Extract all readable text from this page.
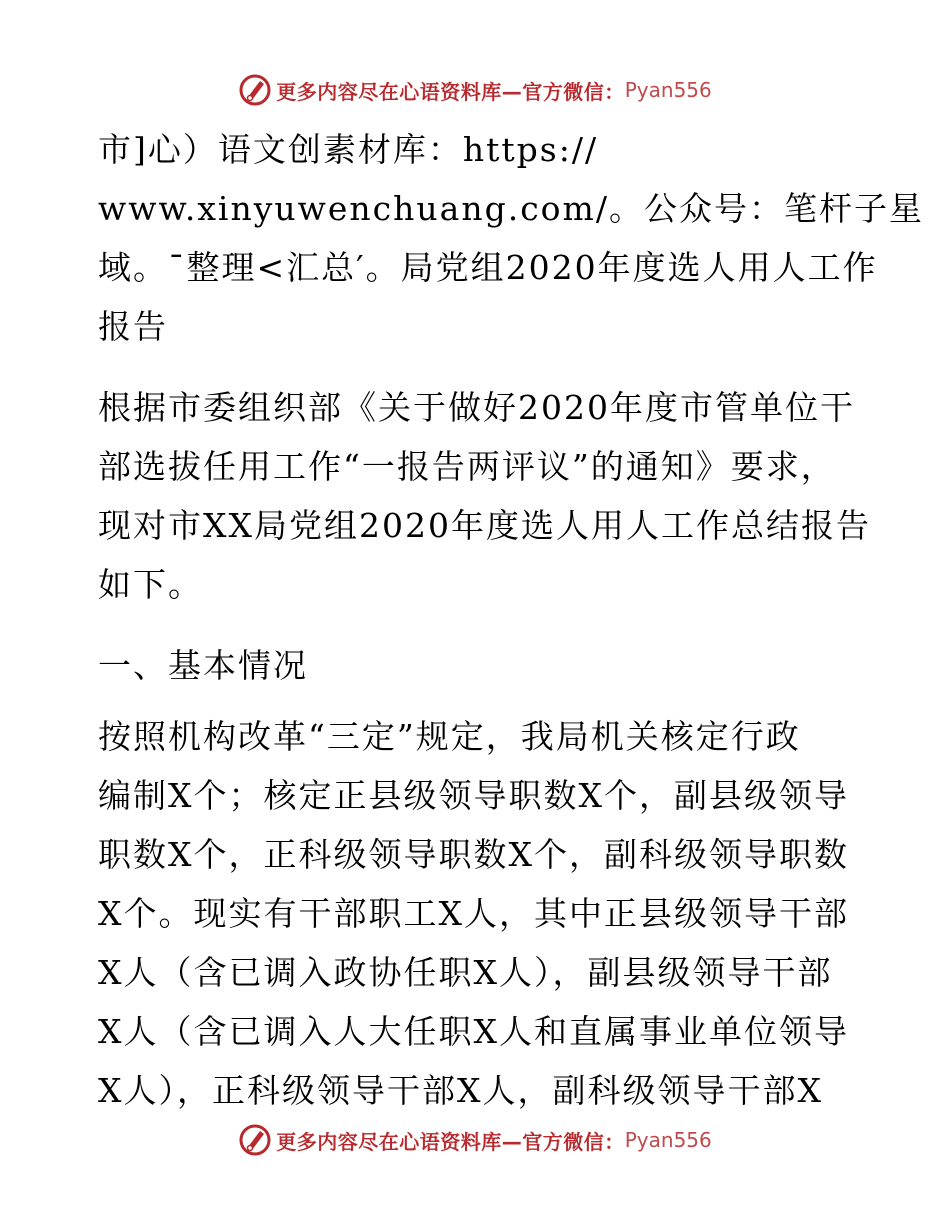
更多内容尽在心语资料库—官方微信： Pyan556

市]心）语文创素材库：https://

www.xinyuwenchuang.com/。公众号：笔杆子星

域。¯整理<汇总′。局党组2020年度选人用人工作

报告

根据市委组织部《关于做好2020年度市管单位干

部选拔任用工作“一报告两评议”的通知》要求，

现对市XX局党组2020年度选人用人工作总结报告

如下。

一、基本情况

按照机构改革“三定”规定，我局机关核定行政

编制X个；核定正县级领导职数X个，副县级领导

职数X个，正科级领导职数X个，副科级领导职数

X个。现实有干部职工X人，其中正县级领导干部

X人（含已调入政协任职X人），副县级领导干部

X人（含已调入人大任职X人和直属事业单位领导

X人），正科级领导干部X人，副科级领导干部X

更多内容尽在心语资料库—官方微信： Pyan556
